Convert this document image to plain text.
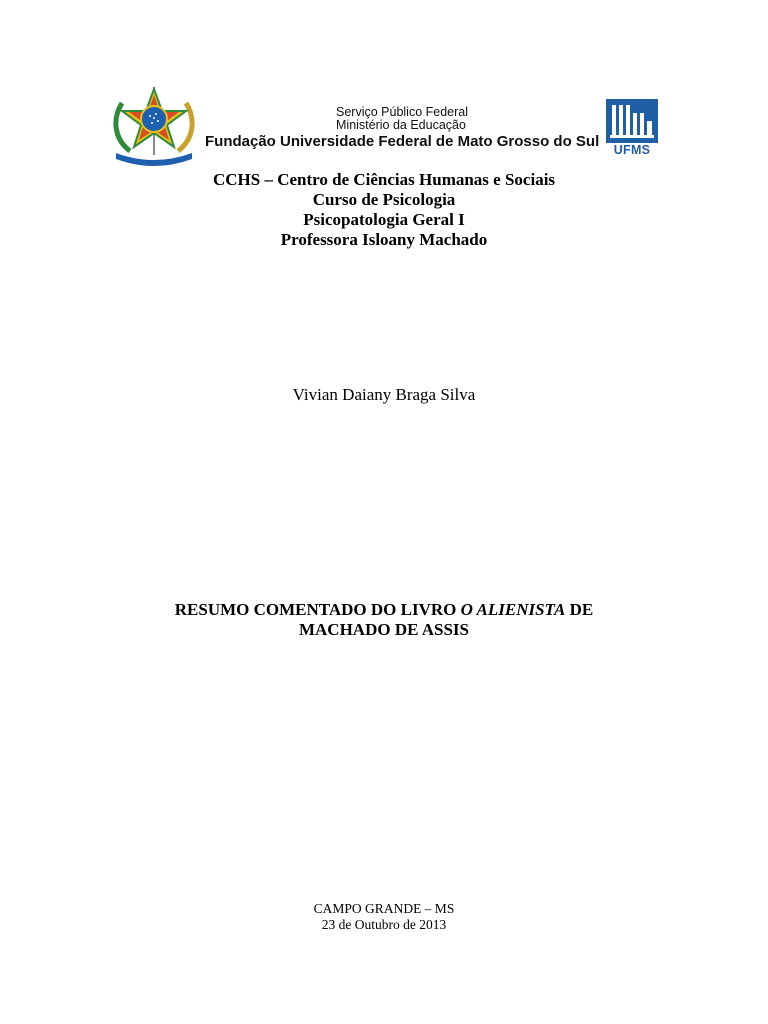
Serviço Público Federal
Ministério da Educação
Fundação Universidade Federal de Mato Grosso do Sul	UFMS
CCHS – Centro de Ciências Humanas e Sociais
Curso de Psicologia
Psicopatologia Geral I
Professora Isloany Machado
Vivian Daiany Braga Silva
RESUMO COMENTADO DO LIVRO O ALIENISTA DE
MACHADO DE ASSIS
CAMPO GRANDE – MS
23 de Outubro de 2013
